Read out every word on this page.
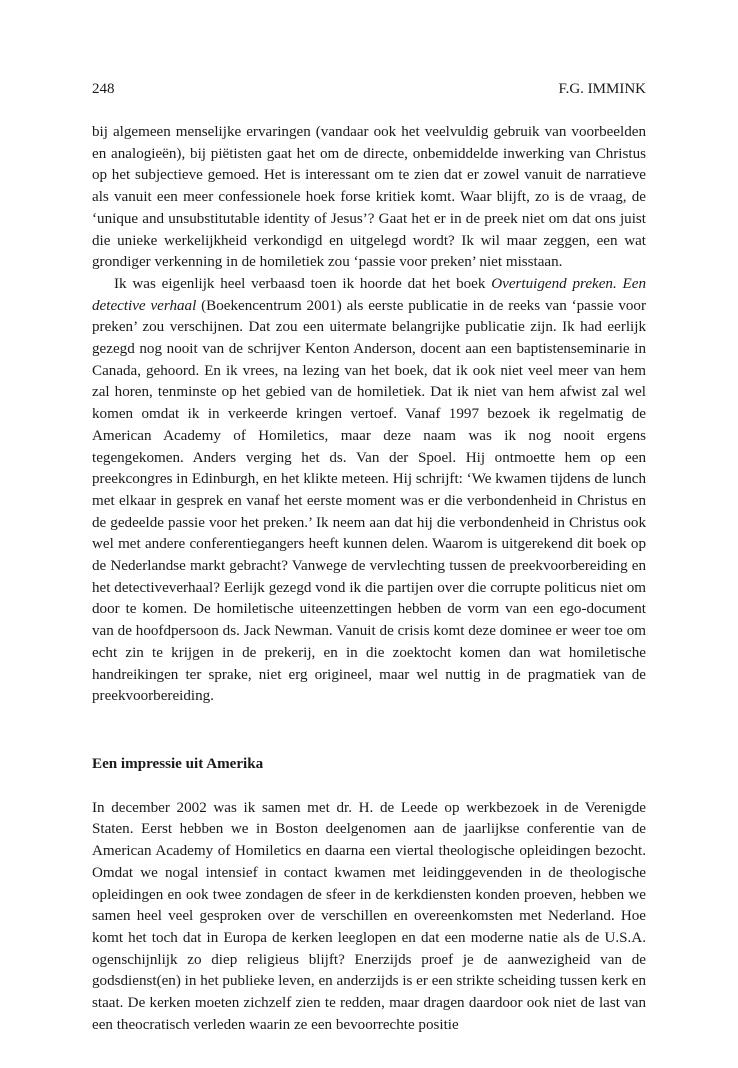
248	F.G. IMMINK

bij algemeen menselijke ervaringen (vandaar ook het veelvuldig gebruik van voorbeelden en analogieën), bij piëtisten gaat het om de directe, onbemiddelde inwerking van Christus op het subjectieve gemoed. Het is interessant om te zien dat er zowel vanuit de narratieve als vanuit een meer confessionele hoek forse kritiek komt. Waar blijft, zo is de vraag, de ‘unique and unsubstitutable identity of Jesus’? Gaat het er in de preek niet om dat ons juist die unieke werkelijkheid verkondigd en uitgelegd wordt? Ik wil maar zeggen, een wat grondiger verkenning in de homiletiek zou ‘passie voor preken’ niet misstaan.

Ik was eigenlijk heel verbaasd toen ik hoorde dat het boek Overtuigend preken. Een detective verhaal (Boekencentrum 2001) als eerste publicatie in de reeks van ‘passie voor preken’ zou verschijnen. Dat zou een uitermate belangrijke publicatie zijn. Ik had eerlijk gezegd nog nooit van de schrijver Kenton Anderson, docent aan een baptistenseminarie in Canada, gehoord. En ik vrees, na lezing van het boek, dat ik ook niet veel meer van hem zal horen, tenminste op het gebied van de homiletiek. Dat ik niet van hem afwist zal wel komen omdat ik in verkeerde kringen vertoef. Vanaf 1997 bezoek ik regelmatig de American Academy of Homiletics, maar deze naam was ik nog nooit ergens tegengekomen. Anders verging het ds. Van der Spoel. Hij ontmoette hem op een preekcongres in Edinburgh, en het klikte meteen. Hij schrijft: ‘We kwamen tijdens de lunch met elkaar in gesprek en vanaf het eerste moment was er die verbondenheid in Christus en de gedeelde passie voor het preken.’ Ik neem aan dat hij die verbondenheid in Christus ook wel met andere conferentiegangers heeft kunnen delen. Waarom is uitgerekend dit boek op de Nederlandse markt gebracht? Vanwege de vervlechting tussen de preekvoorbereiding en het detectiveverhaal? Eerlijk gezegd vond ik die partijen over die corrupte politicus niet om door te komen. De homiletische uiteenzettingen hebben de vorm van een ego-document van de hoofdpersoon ds. Jack Newman. Vanuit de crisis komt deze dominee er weer toe om echt zin te krijgen in de prekerij, en in die zoektocht komen dan wat homiletische handreikingen ter sprake, niet erg origineel, maar wel nuttig in de pragmatiek van de preekvoorbereiding.

Een impressie uit Amerika

In december 2002 was ik samen met dr. H. de Leede op werkbezoek in de Verenigde Staten. Eerst hebben we in Boston deelgenomen aan de jaarlijkse conferentie van de American Academy of Homiletics en daarna een viertal theologische opleidingen bezocht. Omdat we nogal intensief in contact kwamen met leidinggevenden in de theologische opleidingen en ook twee zondagen de sfeer in de kerkdiensten konden proeven, hebben we samen heel veel gesproken over de verschillen en overeenkomsten met Nederland. Hoe komt het toch dat in Europa de kerken leeglopen en dat een moderne natie als de U.S.A. ogenschijnlijk zo diep religieus blijft? Enerzijds proef je de aanwezigheid van de godsdienst(en) in het publieke leven, en anderzijds is er een strikte scheiding tussen kerk en staat. De kerken moeten zichzelf zien te redden, maar dragen daardoor ook niet de last van een theocratisch verleden waarin ze een bevoorrechte positie
